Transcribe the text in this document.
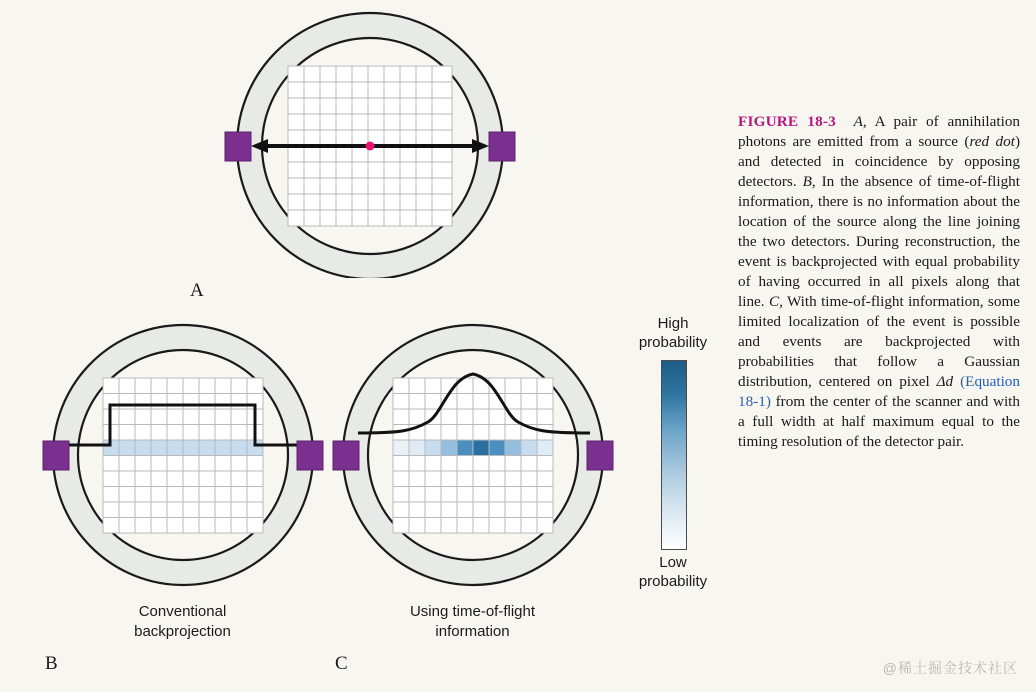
A
Conventional
backprojection
B
Using time-of-flight
information
C
High
probability
Low
probability
FIGURE 18-3 A, A pair of annihilation photons are emitted from a source (red dot) and detected in coincidence by opposing detectors. B, In the absence of time-of-flight information, there is no information about the location of the source along the line joining the two detectors. During reconstruction, the event is backprojected with equal probability of having occurred in all pixels along that line. C, With time-of-flight information, some limited localization of the event is possible and events are backprojected with probabilities that follow a Gaussian distribution, centered on pixel Δd (Equation 18-1) from the center of the scanner and with a full width at half maximum equal to the timing resolution of the detector pair.
@稀土掘金技术社区
